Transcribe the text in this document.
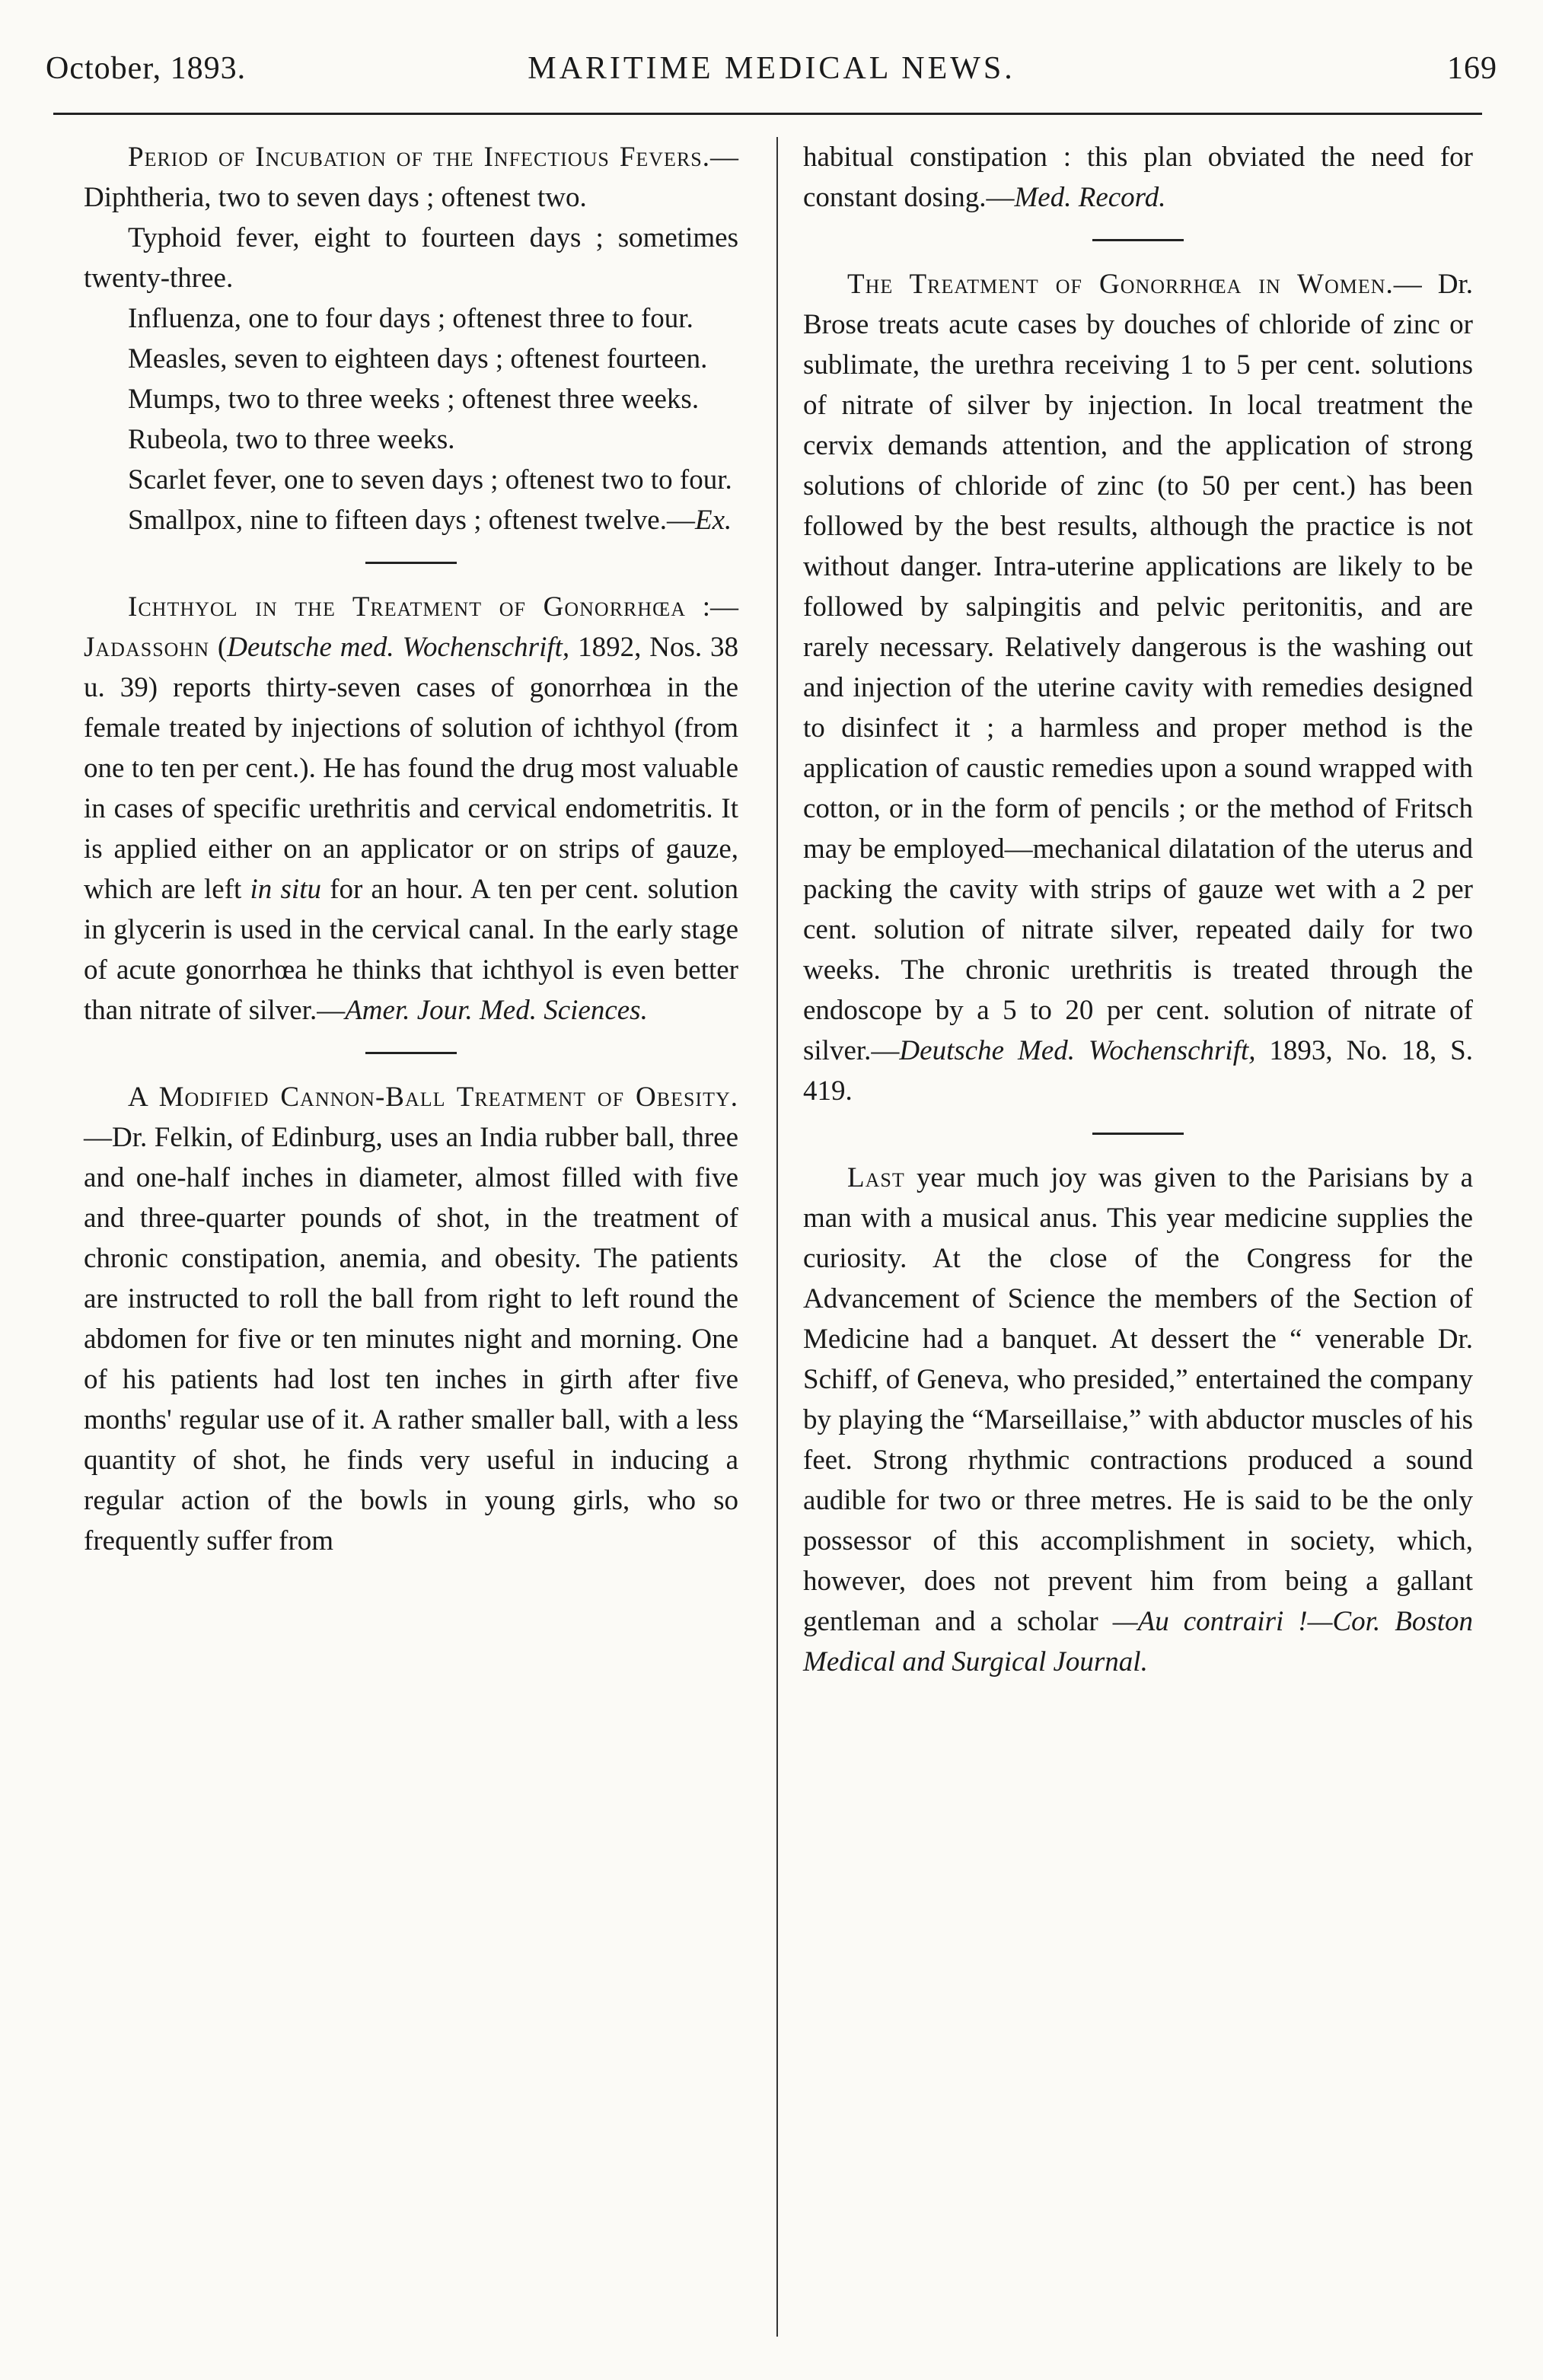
October, 1893.	MARITIME MEDICAL NEWS.	169

Period of Incubation of the Infectious Fevers.—Diphtheria, two to seven days ; oftenest two.

Typhoid fever, eight to fourteen days ; sometimes twenty-three.

Influenza, one to four days ; oftenest three to four.

Measles, seven to eighteen days ; oftenest fourteen.

Mumps, two to three weeks ; oftenest three weeks.

Rubeola, two to three weeks.

Scarlet fever, one to seven days ; oftenest two to four.

Smallpox, nine to fifteen days ; oftenest twelve.—Ex.

Ichthyol in the Treatment of Gonorrhœa :—Jadassohn (Deutsche med. Wochenschrift, 1892, Nos. 38 u. 39) reports thirty-seven cases of gonorrhœa in the female treated by injections of solution of ichthyol (from one to ten per cent.). He has found the drug most valuable in cases of specific urethritis and cervical endometritis. It is applied either on an applicator or on strips of gauze, which are left in situ for an hour. A ten per cent. solution in glycerin is used in the cervical canal. In the early stage of acute gonorrhœa he thinks that ichthyol is even better than nitrate of silver.—Amer. Jour. Med. Sciences.

A Modified Cannon-Ball Treatment of Obesity.—Dr. Felkin, of Edinburg, uses an India rubber ball, three and one-half inches in diameter, almost filled with five and three-quarter pounds of shot, in the treatment of chronic constipation, anemia, and obesity. The patients are instructed to roll the ball from right to left round the abdomen for five or ten minutes night and morning. One of his patients had lost ten inches in girth after five months' regular use of it. A rather smaller ball, with a less quantity of shot, he finds very useful in inducing a regular action of the bowls in young girls, who so frequently suffer from

habitual constipation : this plan obviated the need for constant dosing.—Med. Record.

The Treatment of Gonorrhœa in Women.— Dr. Brose treats acute cases by douches of chloride of zinc or sublimate, the urethra receiving 1 to 5 per cent. solutions of nitrate of silver by injection. In local treatment the cervix demands attention, and the application of strong solutions of chloride of zinc (to 50 per cent.) has been followed by the best results, although the practice is not without danger. Intra-uterine applications are likely to be followed by salpingitis and pelvic peritonitis, and are rarely necessary. Relatively dangerous is the washing out and injection of the uterine cavity with remedies designed to disinfect it ; a harmless and proper method is the application of caustic remedies upon a sound wrapped with cotton, or in the form of pencils ; or the method of Fritsch may be employed—mechanical dilatation of the uterus and packing the cavity with strips of gauze wet with a 2 per cent. solution of nitrate silver, repeated daily for two weeks. The chronic urethritis is treated through the endoscope by a 5 to 20 per cent. solution of nitrate of silver.—Deutsche Med. Wochenschrift, 1893, No. 18, S. 419.

Last year much joy was given to the Parisians by a man with a musical anus. This year medicine supplies the curiosity. At the close of the Congress for the Advancement of Science the members of the Section of Medicine had a banquet. At dessert the “ venerable Dr. Schiff, of Geneva, who presided,” entertained the company by playing the “Marseillaise,” with abductor muscles of his feet. Strong rhythmic contractions produced a sound audible for two or three metres. He is said to be the only possessor of this accomplishment in society, which, however, does not prevent him from being a gallant gentleman and a scholar —Au contrairi !—Cor. Boston Medical and Surgical Journal.
